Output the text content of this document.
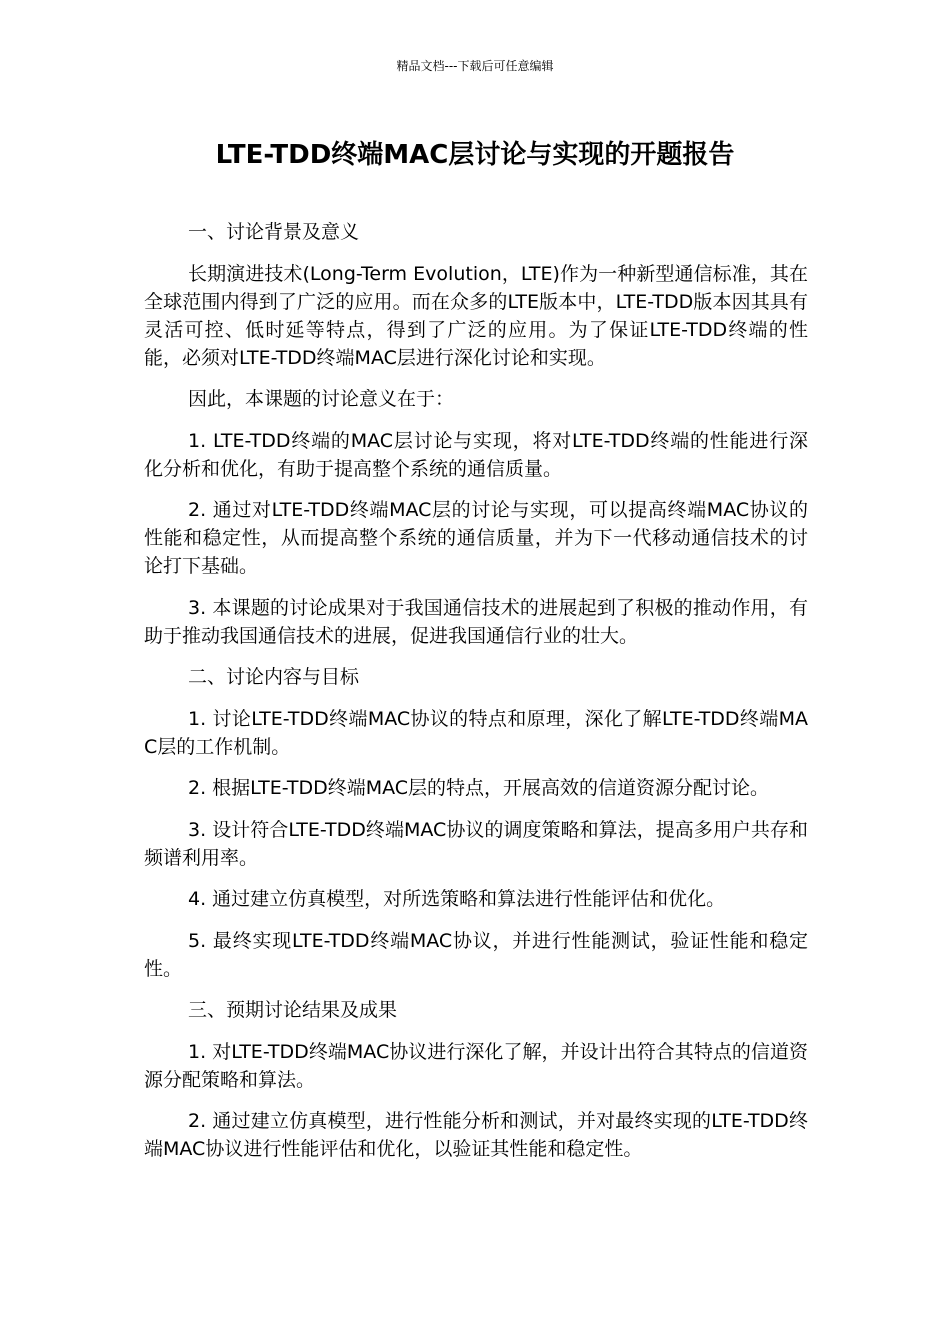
精品文档---下载后可任意编辑
LTE-TDD终端MAC层讨论与实现的开题报告

一、讨论背景及意义

长期演进技术(Long-Term Evolution，LTE)作为一种新型通信标准，其在全球范围内得到了广泛的应用。而在众多的LTE版本中，LTE-TDD版本因其具有灵活可控、低时延等特点，得到了广泛的应用。为了保证LTE-TDD终端的性能，必须对LTE-TDD终端MAC层进行深化讨论和实现。

因此，本课题的讨论意义在于：

1. LTE-TDD终端的MAC层讨论与实现，将对LTE-TDD终端的性能进行深化分析和优化，有助于提高整个系统的通信质量。

2. 通过对LTE-TDD终端MAC层的讨论与实现，可以提高终端MAC协议的性能和稳定性，从而提高整个系统的通信质量，并为下一代移动通信技术的讨论打下基础。

3. 本课题的讨论成果对于我国通信技术的进展起到了积极的推动作用，有助于推动我国通信技术的进展，促进我国通信行业的壮大。

二、讨论内容与目标

1. 讨论LTE-TDD终端MAC协议的特点和原理，深化了解LTE-TDD终端MAC层的工作机制。

2. 根据LTE-TDD终端MAC层的特点，开展高效的信道资源分配讨论。

3. 设计符合LTE-TDD终端MAC协议的调度策略和算法，提高多用户共存和频谱利用率。

4. 通过建立仿真模型，对所选策略和算法进行性能评估和优化。

5. 最终实现LTE-TDD终端MAC协议，并进行性能测试，验证性能和稳定性。

三、预期讨论结果及成果

1. 对LTE-TDD终端MAC协议进行深化了解，并设计出符合其特点的信道资源分配策略和算法。

2. 通过建立仿真模型，进行性能分析和测试，并对最终实现的LTE-TDD终端MAC协议进行性能评估和优化，以验证其性能和稳定性。
